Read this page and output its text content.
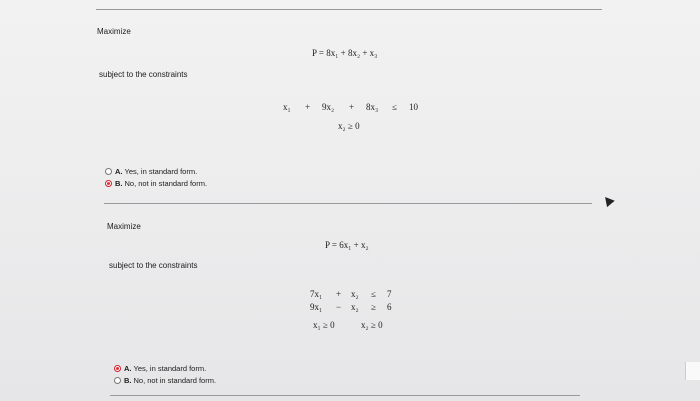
Maximize
P = 8x₁ + 8x₂ + x₃
subject to the constraints
x₁ + 9x₂ + 8x₃ ≤ 10
x₂ ≥ 0
A. Yes, in standard form.
B. No, not in standard form.
Maximize
P = 6x₁ + x₂
subject to the constraints
7x₁ + x₂ ≤ 7
9x₁ − x₂ ≥ 6
x₁ ≥ 0	x₂ ≥ 0
A. Yes, in standard form.
B. No, not in standard form.
